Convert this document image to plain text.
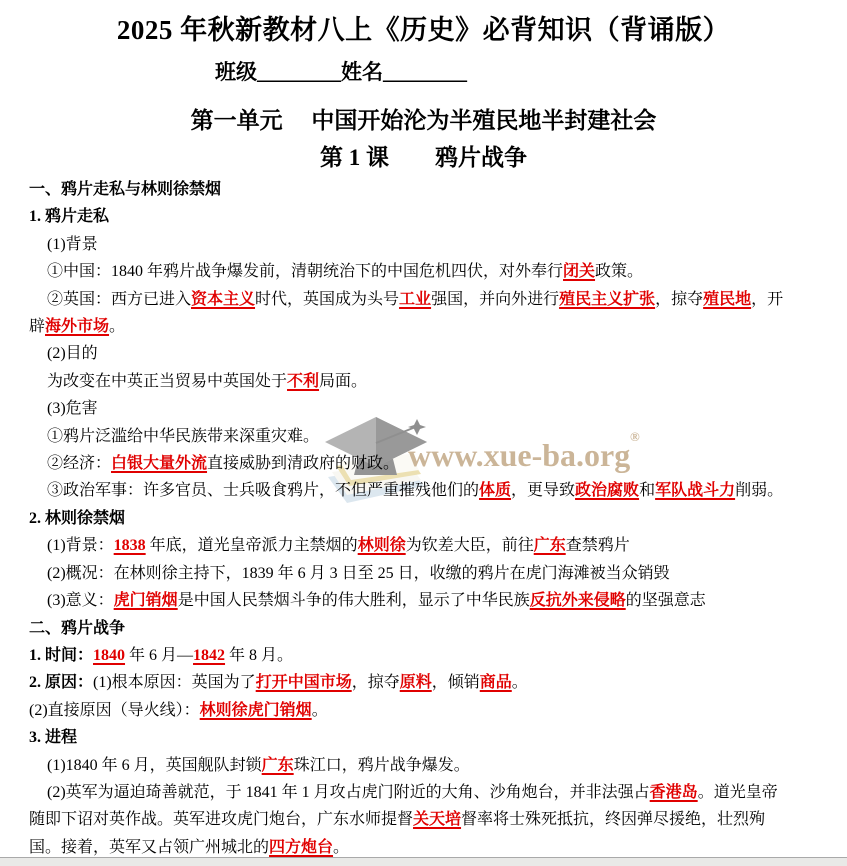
2025 年秋新教材八上《历史》必背知识（背诵版）
班级________姓名________
第一单元　 中国开始沦为半殖民地半封建社会
第 1 课　　鸦片战争
www.xue-ba.org
®
一、鸦片走私与林则徐禁烟
1. 鸦片走私
(1)背景
①中国：1840 年鸦片战争爆发前，清朝统治下的中国危机四伏，对外奉行闭关政策。
②英国：西方已进入资本主义时代，英国成为头号工业强国，并向外进行殖民主义扩张，掠夺殖民地，开
辟海外市场。
(2)目的
为改变在中英正当贸易中英国处于不利局面。
(3)危害
①鸦片泛滥给中华民族带来深重灾难。
②经济：白银大量外流直接威胁到清政府的财政。
③政治军事：许多官员、士兵吸食鸦片，不但严重摧残他们的体质，更导致政治腐败和军队战斗力削弱。
2. 林则徐禁烟
(1)背景：1838 年底，道光皇帝派力主禁烟的林则徐为钦差大臣，前往广东查禁鸦片
(2)概况：在林则徐主持下，1839 年 6 月 3 日至 25 日，收缴的鸦片在虎门海滩被当众销毁
(3)意义：虎门销烟是中国人民禁烟斗争的伟大胜利，显示了中华民族反抗外来侵略的坚强意志
二、鸦片战争
1. 时间：1840 年 6 月—1842 年 8 月。
2. 原因：(1)根本原因：英国为了打开中国市场，掠夺原料，倾销商品。
(2)直接原因（导火线）：林则徐虎门销烟。
3. 进程
(1)1840 年 6 月，英国舰队封锁广东珠江口，鸦片战争爆发。
(2)英军为逼迫琦善就范，于 1841 年 1 月攻占虎门附近的大角、沙角炮台，并非法强占香港岛。道光皇帝
随即下诏对英作战。英军进攻虎门炮台，广东水师提督关天培督率将士殊死抵抗，终因弹尽援绝，壮烈殉
国。接着，英军又占领广州城北的四方炮台。
